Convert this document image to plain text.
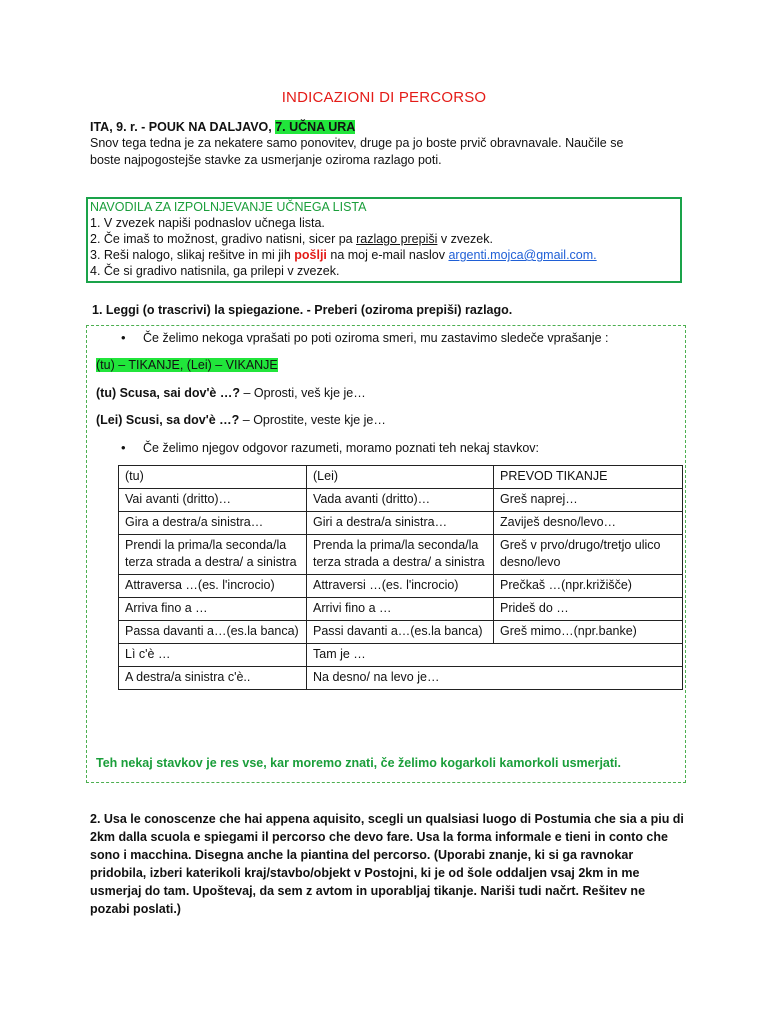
INDICAZIONI DI PERCORSO
ITA, 9. r. - POUK NA DALJAVO, 7. UČNA URA
Snov tega tedna je za nekatere samo ponovitev, druge pa jo boste prvič obravnavale. Naučile se
boste najpogostejše stavke za usmerjanje oziroma razlago poti.
NAVODILA ZA IZPOLNJEVANJE UČNEGA LISTA
1. V zvezek napiši podnaslov učnega lista.
2. Če imaš to možnost, gradivo natisni, sicer pa razlago prepiši v zvezek.
3. Reši nalogo, slikaj rešitve in mi jih pošlji na moj e-mail naslov argenti.mojca@gmail.com.
4. Če si gradivo natisnila, ga prilepi v zvezek.
1. Leggi (o trascrivi) la spiegazione. - Preberi (oziroma prepiši) razlago.
• Če želimo nekoga vprašati po poti oziroma smeri, mu zastavimo sledeče vprašanje :
(tu) – TIKANJE, (Lei) – VIKANJE
(tu) Scusa, sai dov'è …? – Oprosti, veš kje je…
(Lei) Scusi, sa dov'è …? – Oprostite, veste kje je…
• Če želimo njegov odgovor razumeti, moramo poznati teh nekaj stavkov:
(tu)	(Lei)	PREVOD TIKANJE
Vai avanti (dritto)…	Vada avanti (dritto)…	Greš naprej…
Gira a destra/a sinistra…	Giri a destra/a sinistra…	Zaviješ desno/levo…
Prendi la prima/la seconda/la terza strada a destra/ a sinistra	Prenda la prima/la seconda/la terza strada a destra/ a sinistra	Greš v prvo/drugo/tretjo ulico desno/levo
Attraversa …(es. l'incrocio)	Attraversi …(es. l'incrocio)	Prečkaš …(npr.križišče)
Arriva fino a …	Arrivi fino a …	Prideš do …
Passa davanti a…(es.la banca)	Passi davanti a…(es.la banca)	Greš mimo…(npr.banke)
Lì c'è …	Tam je …	
A destra/a sinistra c'è..	Na desno/ na levo je…	
Teh nekaj stavkov je res vse, kar moremo znati, če želimo kogarkoli kamorkoli usmerjati.
2. Usa le conoscenze che hai appena aquisito, scegli un qualsiasi luogo di Postumia che sia a piu di
2km dalla scuola e spiegami il percorso che devo fare. Usa la forma informale e tieni in conto che
sono i macchina. Disegna anche la piantina del percorso. (Uporabi znanje, ki si ga ravnokar
pridobila, izberi katerikoli kraj/stavbo/objekt v Postojni, ki je od šole oddaljen vsaj 2km in me
usmerjaj do tam. Upoštevaj, da sem z avtom in uporabljaj tikanje. Nariši tudi načrt. Rešitev ne
pozabi poslati.)
